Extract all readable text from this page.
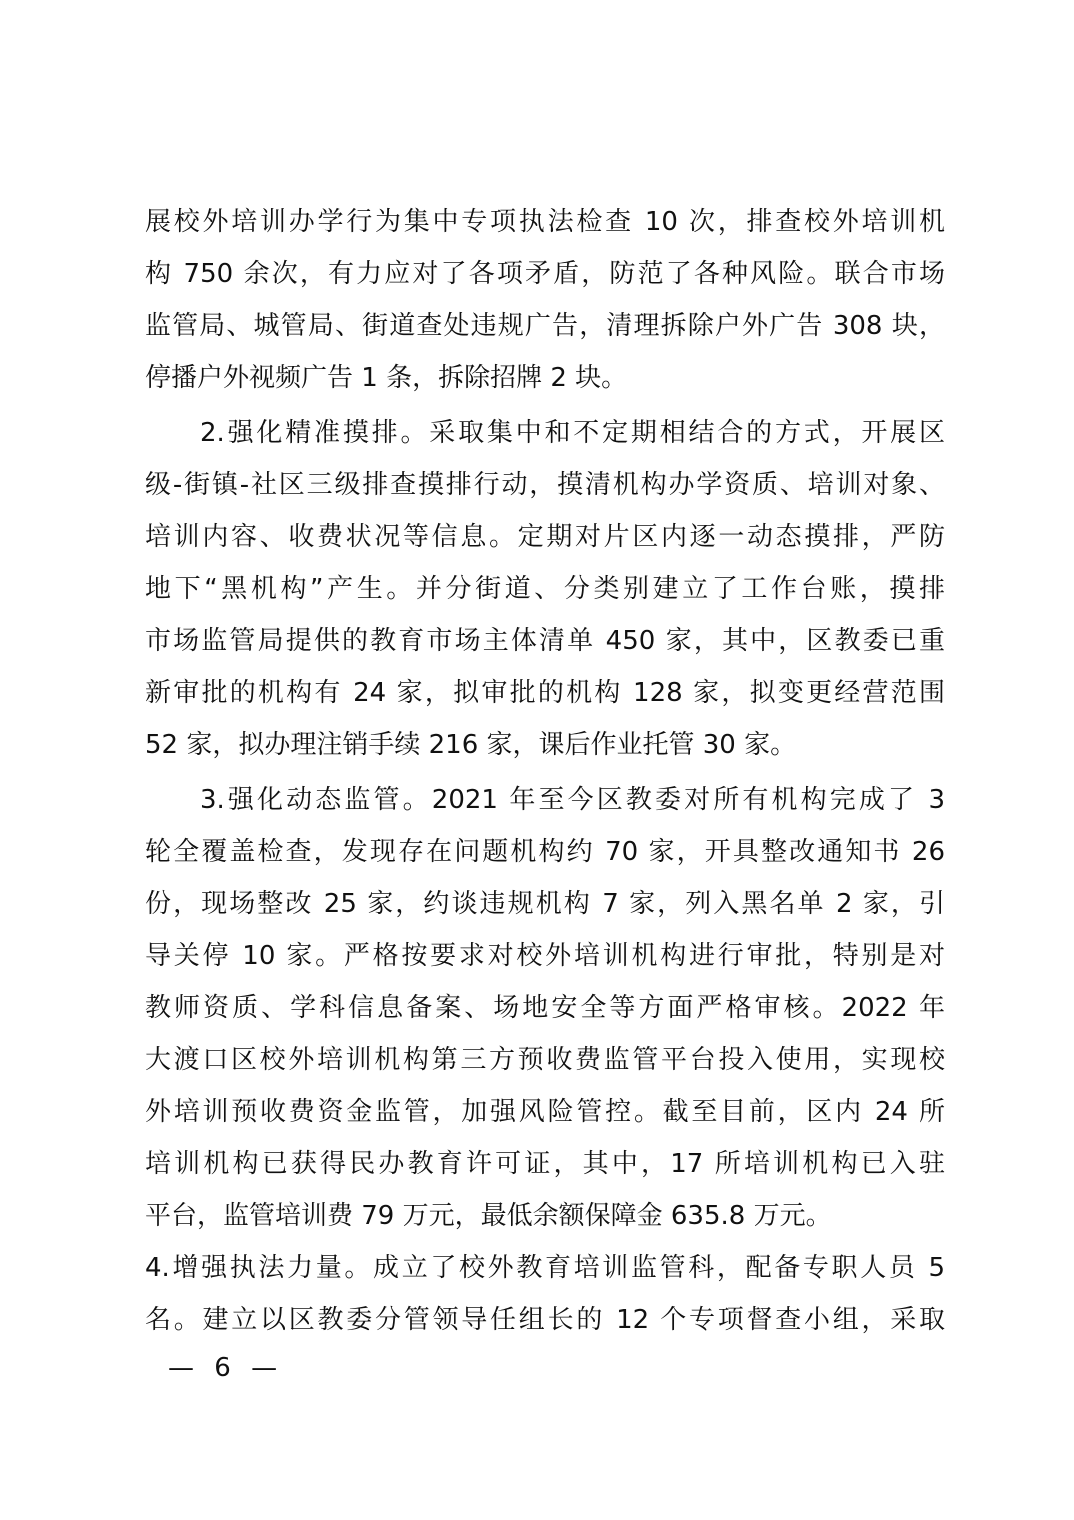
展校外培训办学行为集中专项执法检查 10 次，排查校外培训机
构 750 余次，有力应对了各项矛盾，防范了各种风险。联合市场
监管局、城管局、街道查处违规广告，清理拆除户外广告 308 块，
停播户外视频广告 1 条，拆除招牌 2 块。
2.强化精准摸排。采取集中和不定期相结合的方式，开展区
级-街镇-社区三级排查摸排行动，摸清机构办学资质、培训对象、
培训内容、收费状况等信息。定期对片区内逐一动态摸排，严防
地下“黑机构”产生。并分街道、分类别建立了工作台账，摸排
市场监管局提供的教育市场主体清单 450 家，其中，区教委已重
新审批的机构有 24 家，拟审批的机构 128 家，拟变更经营范围
52 家，拟办理注销手续 216 家，课后作业托管 30 家。
3.强化动态监管。2021 年至今区教委对所有机构完成了 3
轮全覆盖检查，发现存在问题机构约 70 家，开具整改通知书 26
份，现场整改 25 家，约谈违规机构 7 家，列入黑名单 2 家，引
导关停 10 家。严格按要求对校外培训机构进行审批，特别是对
教师资质、学科信息备案、场地安全等方面严格审核。2022 年
大渡口区校外培训机构第三方预收费监管平台投入使用，实现校
外培训预收费资金监管，加强风险管控。截至目前，区内 24 所
培训机构已获得民办教育许可证，其中，17 所培训机构已入驻
平台，监管培训费 79 万元，最低余额保障金 635.8 万元。
4.增强执法力量。成立了校外教育培训监管科，配备专职人员 5
名。建立以区教委分管领导任组长的 12 个专项督查小组，采取
— 6 —
